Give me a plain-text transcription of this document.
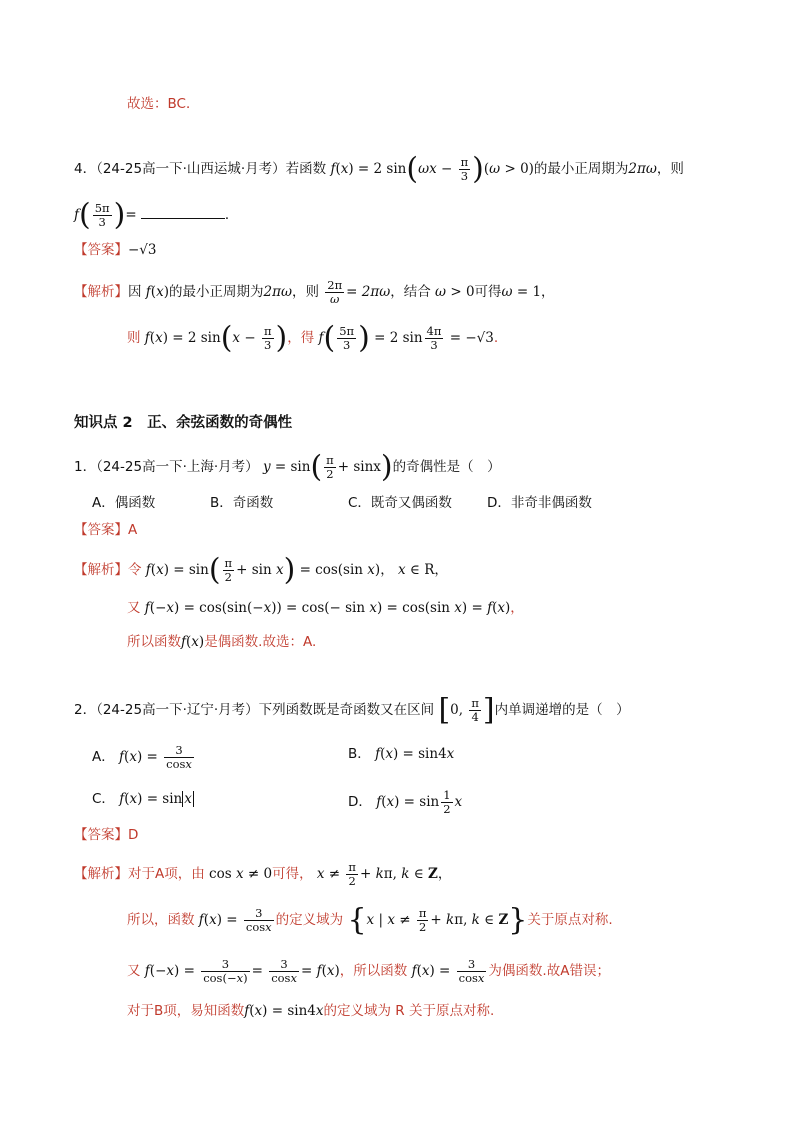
故选：BC．
4．（24-25高一下·山西运城·月考）若函数 f(x) = 2 $\sin(\omega x - \frac{\pi}{3} )(\omega > 0)$的最小正周期为2πω，则
$f( \frac{5\pi}{3}$ )=	．
【答案】−√3
【解析】因 f(x)的最小正周期为2πω，则 $\frac{2\pi}{\omega} = 2\pi\omega$，结合 ω > 0可得ω = 1，
则 f(x) = 2 $\sin(x - \frac{\pi}{3}$ )，得 $f( \frac{5\pi}{3}$ ) = 2 $\sin \frac{4\pi}{3} = -√3$.
知识点 2　正、余弦函数的奇偶性
1．（24-25高一下·上海·月考） $y = \sin( \frac{\pi}{2} + \sin x)$的奇偶性是（　）
A．偶函数	B．奇函数	C．既奇又偶函数	D．非奇非偶函数
【答案】A
【解析】令 $f(x) = \sin( \frac{\pi}{2} + \sin x) = \cos(\sin$ x)， x ∈ R，
又 f(−x) = cos(sin(−x)) = cos(− sin x) = cos(sin x) = f(x)，
所以函数f(x)是偶函数.故选：A.
2．（24-25高一下·辽宁·月考）下列函数既是奇函数又在区间 [0, $\frac{\pi}{4}$ ]内单调递增的是（　）
A． $f(x) = \frac{3}{\cos x}$	B． f(x) = sin4x
C． f(x) = sin x	D． $f(x) = \sin \frac{1}{2}$ x
【答案】D
【解析】对于A项，由 cos x ≠ 0可得， $x \ne \frac{\pi}{2} + k\pi$, k ∈ Z，
所以，函数 $f(x) = \frac{3}{\cos x}$ 的定义域为 {x | $x \ne \frac{\pi}{2} + k\pi$, k ∈ Z}关于原点对称.
又 $f(-x) = \frac{3}{\cos(-x)} = \frac{3}{\cos x} = f(x)$，所以函数 $f(x) = \frac{3}{\cos x}$ 为偶函数.故A错误；
对于B项，易知函数f(x) = sin4x的定义域为 R 关于原点对称.
